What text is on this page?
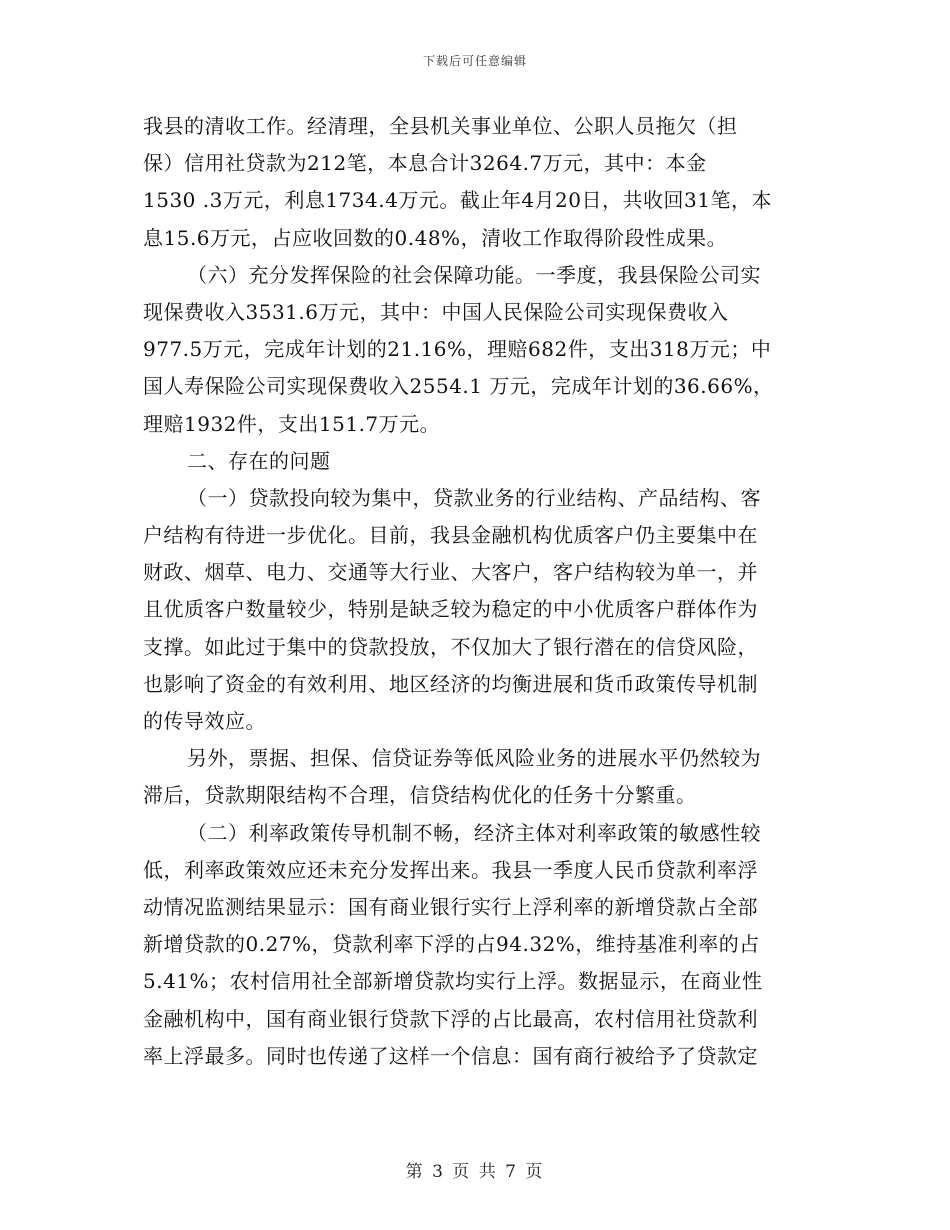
下载后可任意编辑
我县的清收工作。经清理，全县机关事业单位、公职人员拖欠（担
保）信用社贷款为212笔，本息合计3264.7万元，其中：本金
1530 .3万元，利息1734.4万元。截止年4月20日，共收回31笔，本
息15.6万元，占应收回数的0.48%，清收工作取得阶段性成果。
（六）充分发挥保险的社会保障功能。一季度，我县保险公司实
现保费收入3531.6万元，其中：中国人民保险公司实现保费收入
977.5万元，完成年计划的21.16%，理赔682件，支出318万元；中
国人寿保险公司实现保费收入2554.1 万元，完成年计划的36.66%，
理赔1932件，支出151.7万元。
二、存在的问题
（一）贷款投向较为集中，贷款业务的行业结构、产品结构、客
户结构有待进一步优化。目前，我县金融机构优质客户仍主要集中在
财政、烟草、电力、交通等大行业、大客户，客户结构较为单一，并
且优质客户数量较少，特别是缺乏较为稳定的中小优质客户群体作为
支撑。如此过于集中的贷款投放，不仅加大了银行潜在的信贷风险，
也影响了资金的有效利用、地区经济的均衡进展和货币政策传导机制
的传导效应。
另外，票据、担保、信贷证券等低风险业务的进展水平仍然较为
滞后，贷款期限结构不合理，信贷结构优化的任务十分繁重。
（二）利率政策传导机制不畅，经济主体对利率政策的敏感性较
低，利率政策效应还未充分发挥出来。我县一季度人民币贷款利率浮
动情况监测结果显示：国有商业银行实行上浮利率的新增贷款占全部
新增贷款的0.27%，贷款利率下浮的占94.32%，维持基准利率的占
5.41%；农村信用社全部新增贷款均实行上浮。数据显示，在商业性
金融机构中，国有商业银行贷款下浮的占比最高，农村信用社贷款利
率上浮最多。同时也传递了这样一个信息：国有商行被给予了贷款定
第 3 页 共 7 页
